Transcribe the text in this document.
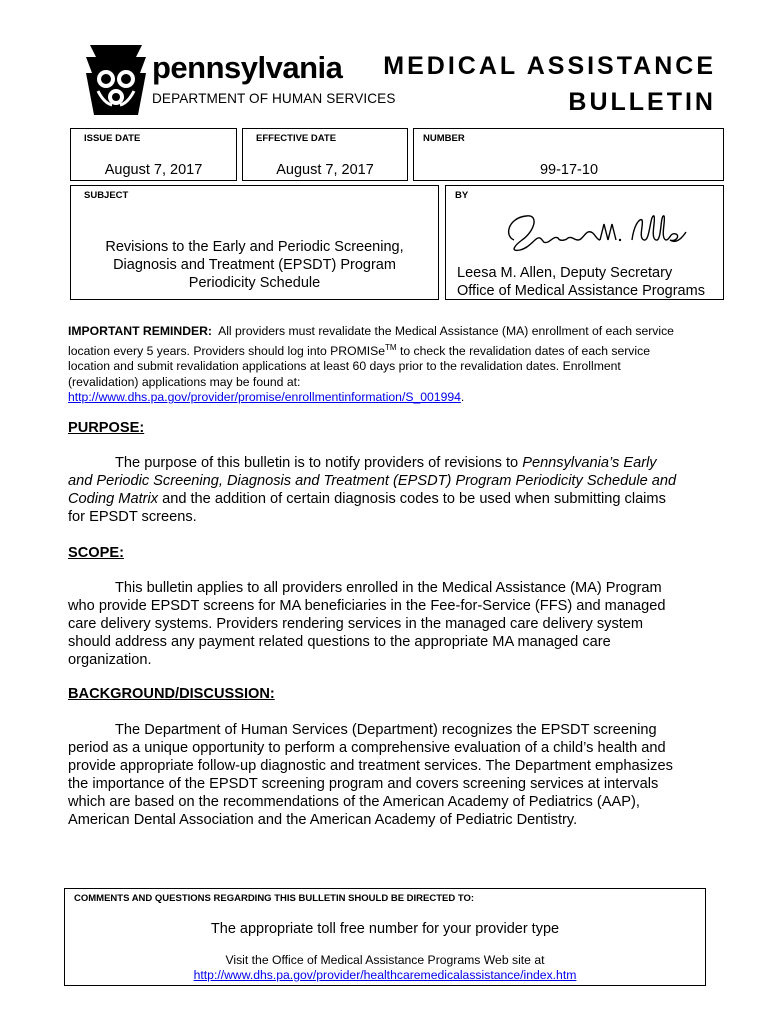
pennsylvania
DEPARTMENT OF HUMAN SERVICES
MEDICAL ASSISTANCE
BULLETIN
ISSUE DATE
August 7, 2017
EFFECTIVE DATE
August 7, 2017
NUMBER
99-17-10
SUBJECT
Revisions to the Early and Periodic Screening,
Diagnosis and Treatment (EPSDT) Program
Periodicity Schedule
BY
Leesa M. Allen, Deputy Secretary
Office of Medical Assistance Programs
IMPORTANT REMINDER: All providers must revalidate the Medical Assistance (MA) enrollment of each service
location every 5 years. Providers should log into PROMISe™ to check the revalidation dates of each service
location and submit revalidation applications at least 60 days prior to the revalidation dates. Enrollment
(revalidation) applications may be found at:
http://www.dhs.pa.gov/provider/promise/enrollmentinformation/S_001994.
PURPOSE:
The purpose of this bulletin is to notify providers of revisions to Pennsylvania’s Early
and Periodic Screening, Diagnosis and Treatment (EPSDT) Program Periodicity Schedule and
Coding Matrix and the addition of certain diagnosis codes to be used when submitting claims
for EPSDT screens.
SCOPE:
This bulletin applies to all providers enrolled in the Medical Assistance (MA) Program
who provide EPSDT screens for MA beneficiaries in the Fee-for-Service (FFS) and managed
care delivery systems. Providers rendering services in the managed care delivery system
should address any payment related questions to the appropriate MA managed care
organization.
BACKGROUND/DISCUSSION:
The Department of Human Services (Department) recognizes the EPSDT screening
period as a unique opportunity to perform a comprehensive evaluation of a child’s health and
provide appropriate follow-up diagnostic and treatment services. The Department emphasizes
the importance of the EPSDT screening program and covers screening services at intervals
which are based on the recommendations of the American Academy of Pediatrics (AAP),
American Dental Association and the American Academy of Pediatric Dentistry.
COMMENTS AND QUESTIONS REGARDING THIS BULLETIN SHOULD BE DIRECTED TO:
The appropriate toll free number for your provider type
Visit the Office of Medical Assistance Programs Web site at
http://www.dhs.pa.gov/provider/healthcaremedicalassistance/index.htm
